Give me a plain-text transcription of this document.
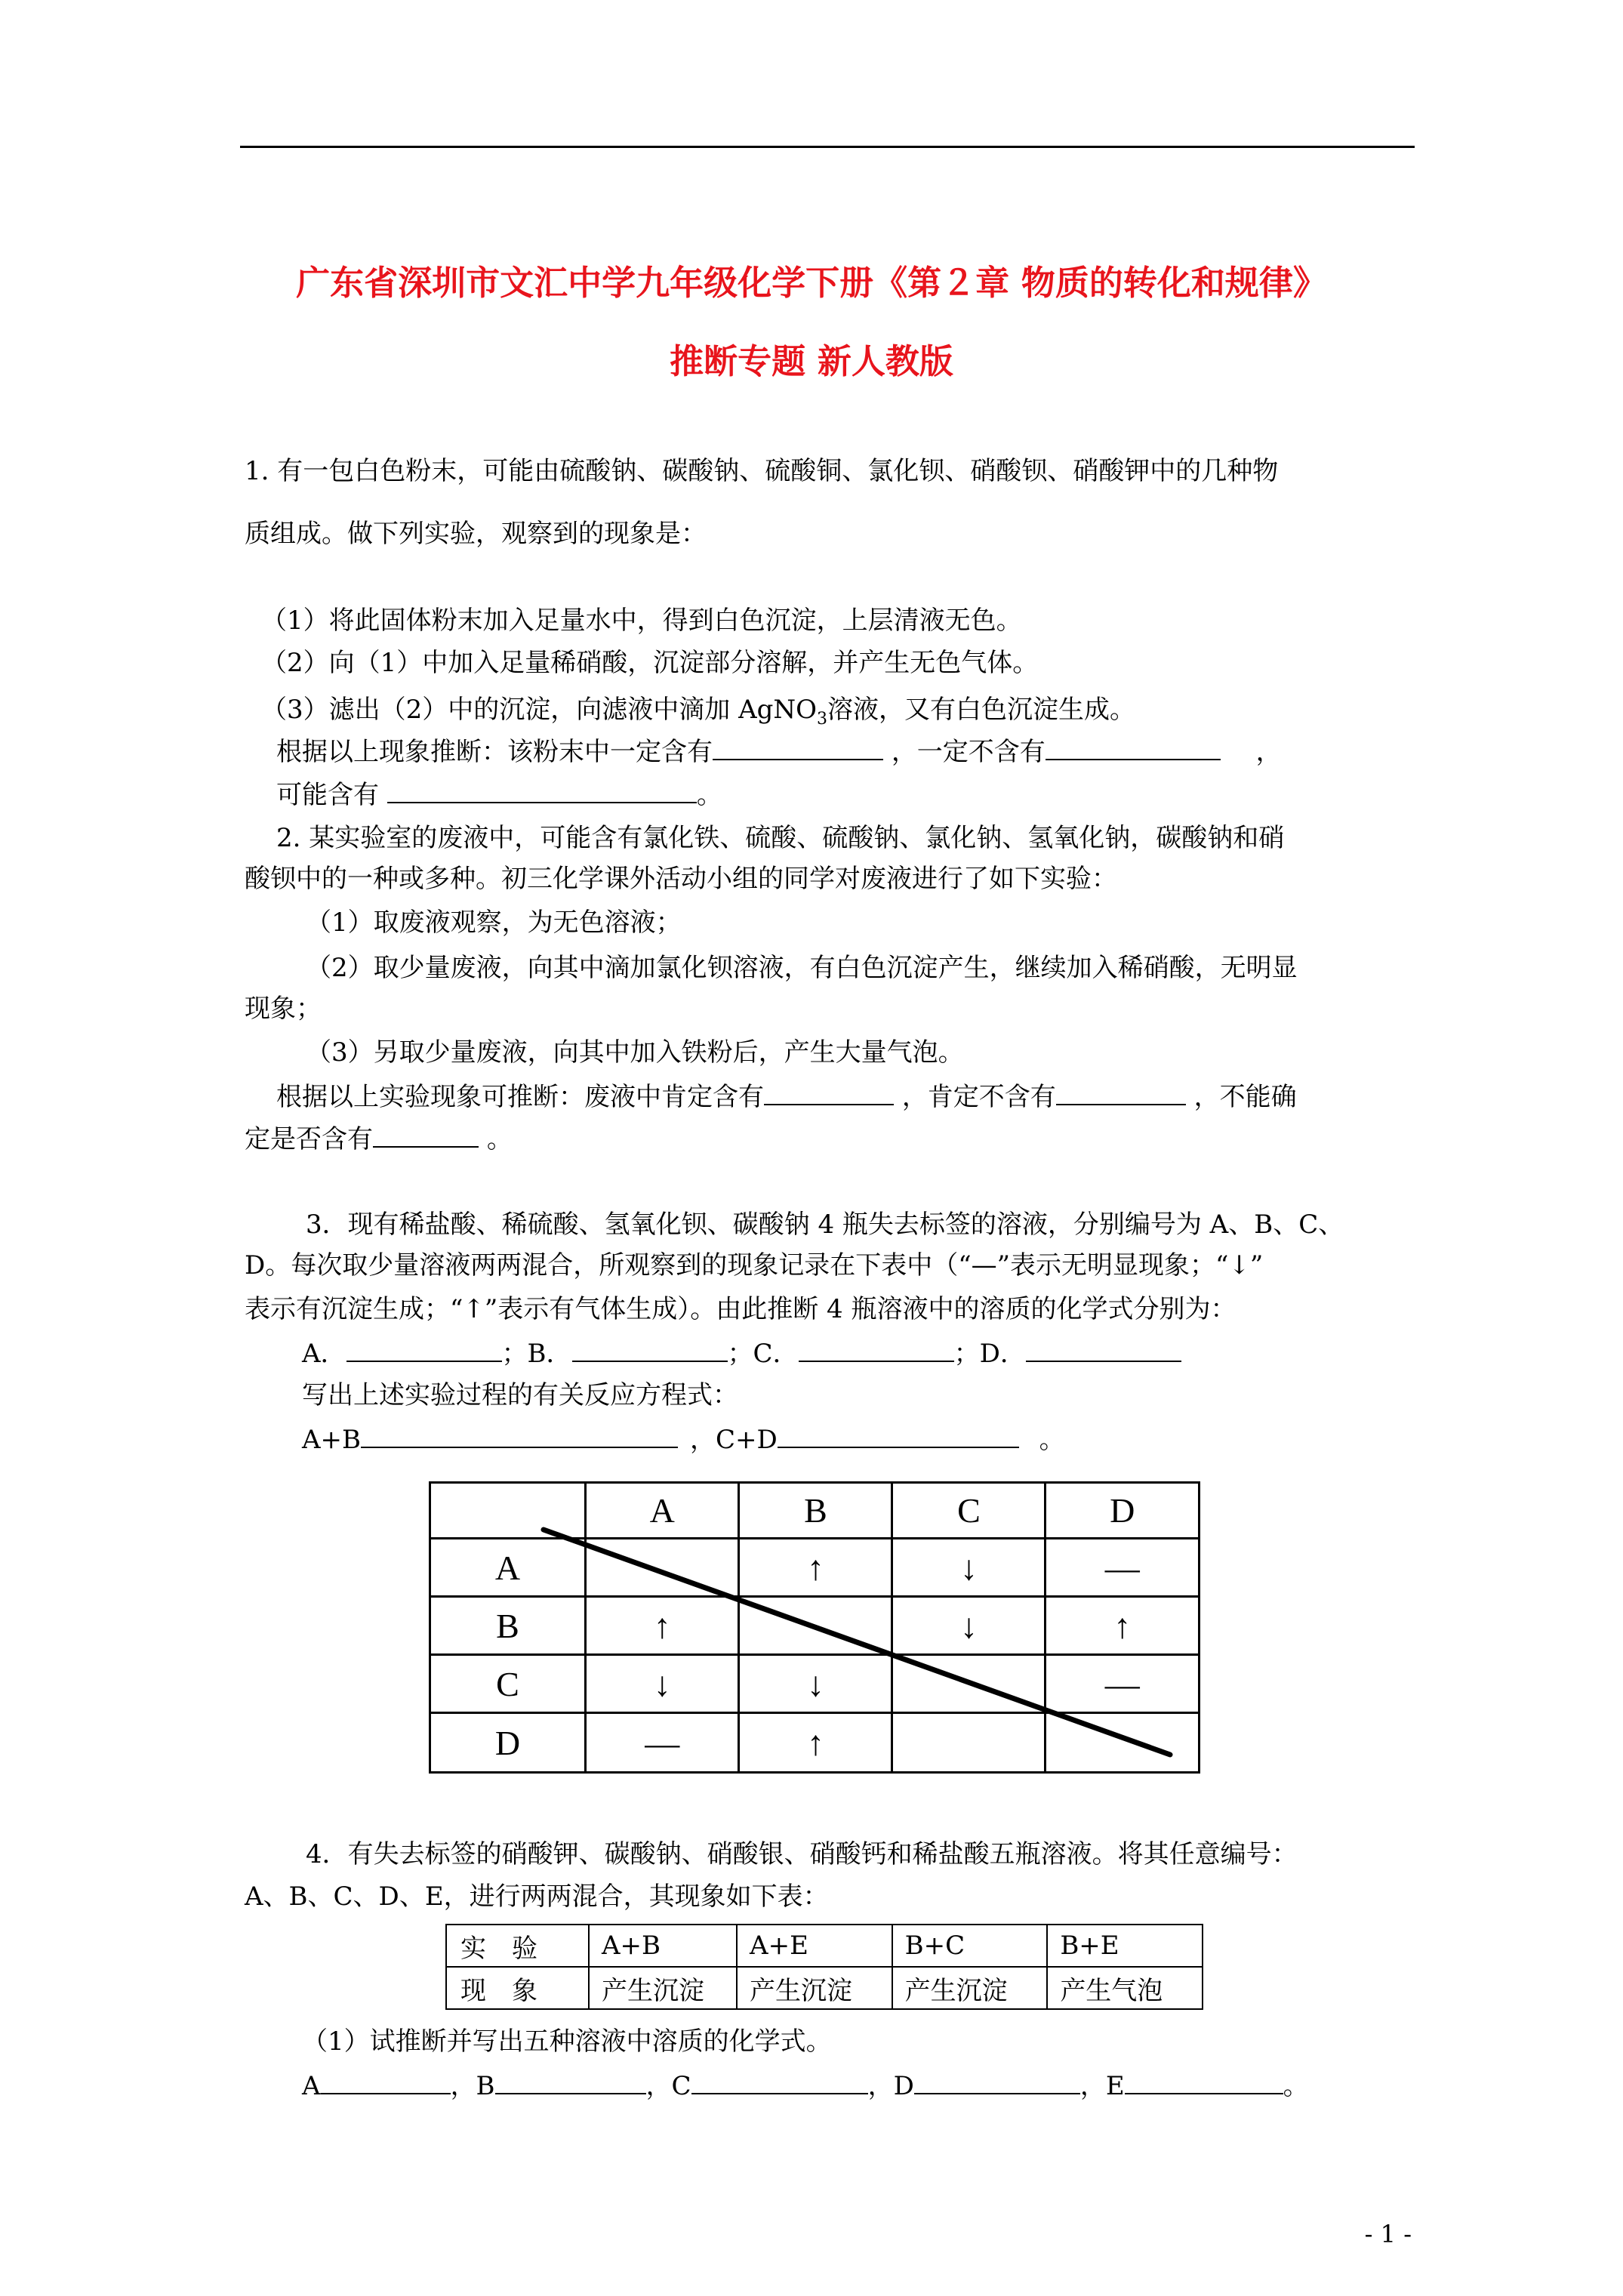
广东省深圳市文汇中学九年级化学下册《第２章 物质的转化和规律》
推断专题 新人教版
1. 有一包白色粉末，可能由硫酸钠、碳酸钠、硫酸铜、氯化钡、硝酸钡、硝酸钾中的几种物
质组成。做下列实验，观察到的现象是：
（1）将此固体粉末加入足量水中，得到白色沉淀，上层清液无色。
（2）向（1）中加入足量稀硝酸，沉淀部分溶解，并产生无色气体。
（3）滤出（2）中的沉淀，向滤液中滴加 AgNO$_3$溶液，又有白色沉淀生成。
根据以上现象推断：该粉末中一定含有	，一定不含有	，
可能含有	。
2. 某实验室的废液中，可能含有氯化铁、硫酸、硫酸钠、氯化钠、氢氧化钠，碳酸钠和硝
酸钡中的一种或多种。初三化学课外活动小组的同学对废液进行了如下实验：
（1）取废液观察，为无色溶液；
（2）取少量废液，向其中滴加氯化钡溶液，有白色沉淀产生，继续加入稀硝酸，无明显
现象；
（3）另取少量废液，向其中加入铁粉后，产生大量气泡。
根据以上实验现象可推断：废液中肯定含有	，肯定不含有	，不能确
定是否含有	。
3．现有稀盐酸、稀硫酸、氢氧化钡、碳酸钠 4 瓶失去标签的溶液，分别编号为 A、B、C、
D。每次取少量溶液两两混合，所观察到的现象记录在下表中（“—”表示无明显现象；“↓”
表示有沉淀生成；“↑”表示有气体生成）。由此推断 4 瓶溶液中的溶质的化学式分别为：
A．	；B．	；C．	；D．
写出上述实验过程的有关反应方程式：
A+B	，C+D	。
	A	B	C	D
A		↑	↓	—
B	↑		↓	↑
C	↓	↓		—
D	—	↑		
4．有失去标签的硝酸钾、碳酸钠、硝酸银、硝酸钙和稀盐酸五瓶溶液。将其任意编号：
A、B、C、D、E，进行两两混合，其现象如下表：
实　验	A+B	A+E	B+C	B+E
现　象	产生沉淀	产生沉淀	产生沉淀	产生气泡
（1）试推断并写出五种溶液中溶质的化学式。
A	，B	，C	，D	，E	。
- 1 -
